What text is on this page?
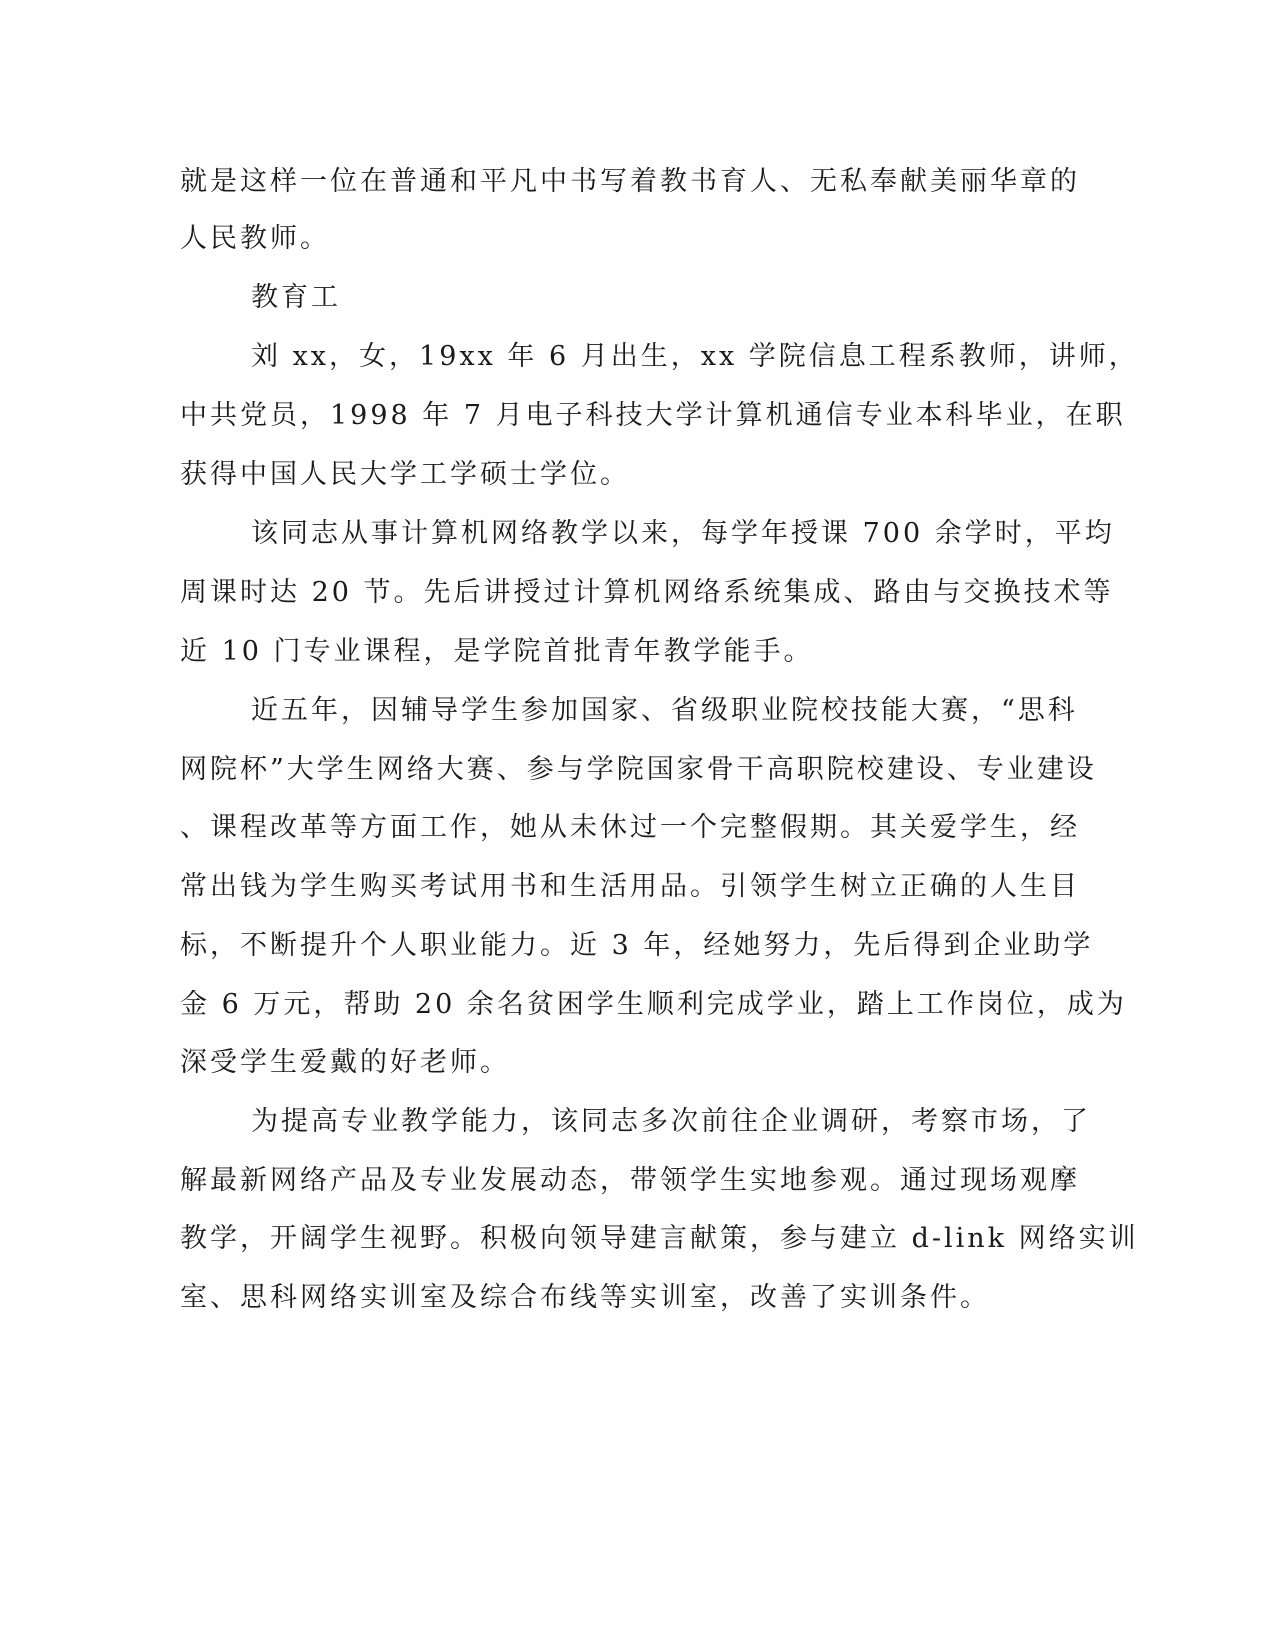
就是这样一位在普通和平凡中书写着教书育人、无私奉献美丽华章的

人民教师。

教育工

刘 xx，女，19xx 年 6 月出生，xx 学院信息工程系教师，讲师，

中共党员，1998 年 7 月电子科技大学计算机通信专业本科毕业，在职

获得中国人民大学工学硕士学位。

该同志从事计算机网络教学以来，每学年授课 700 余学时，平均

周课时达 20 节。先后讲授过计算机网络系统集成、路由与交换技术等

近 10 门专业课程，是学院首批青年教学能手。

近五年，因辅导学生参加国家、省级职业院校技能大赛，“思科

网院杯”大学生网络大赛、参与学院国家骨干高职院校建设、专业建设

、课程改革等方面工作，她从未休过一个完整假期。其关爱学生，经

常出钱为学生购买考试用书和生活用品。引领学生树立正确的人生目

标，不断提升个人职业能力。近 3 年，经她努力，先后得到企业助学

金 6 万元，帮助 20 余名贫困学生顺利完成学业，踏上工作岗位，成为

深受学生爱戴的好老师。

为提高专业教学能力，该同志多次前往企业调研，考察市场，了

解最新网络产品及专业发展动态，带领学生实地参观。通过现场观摩

教学，开阔学生视野。积极向领导建言献策，参与建立 d-link 网络实训

室、思科网络实训室及综合布线等实训室，改善了实训条件。
